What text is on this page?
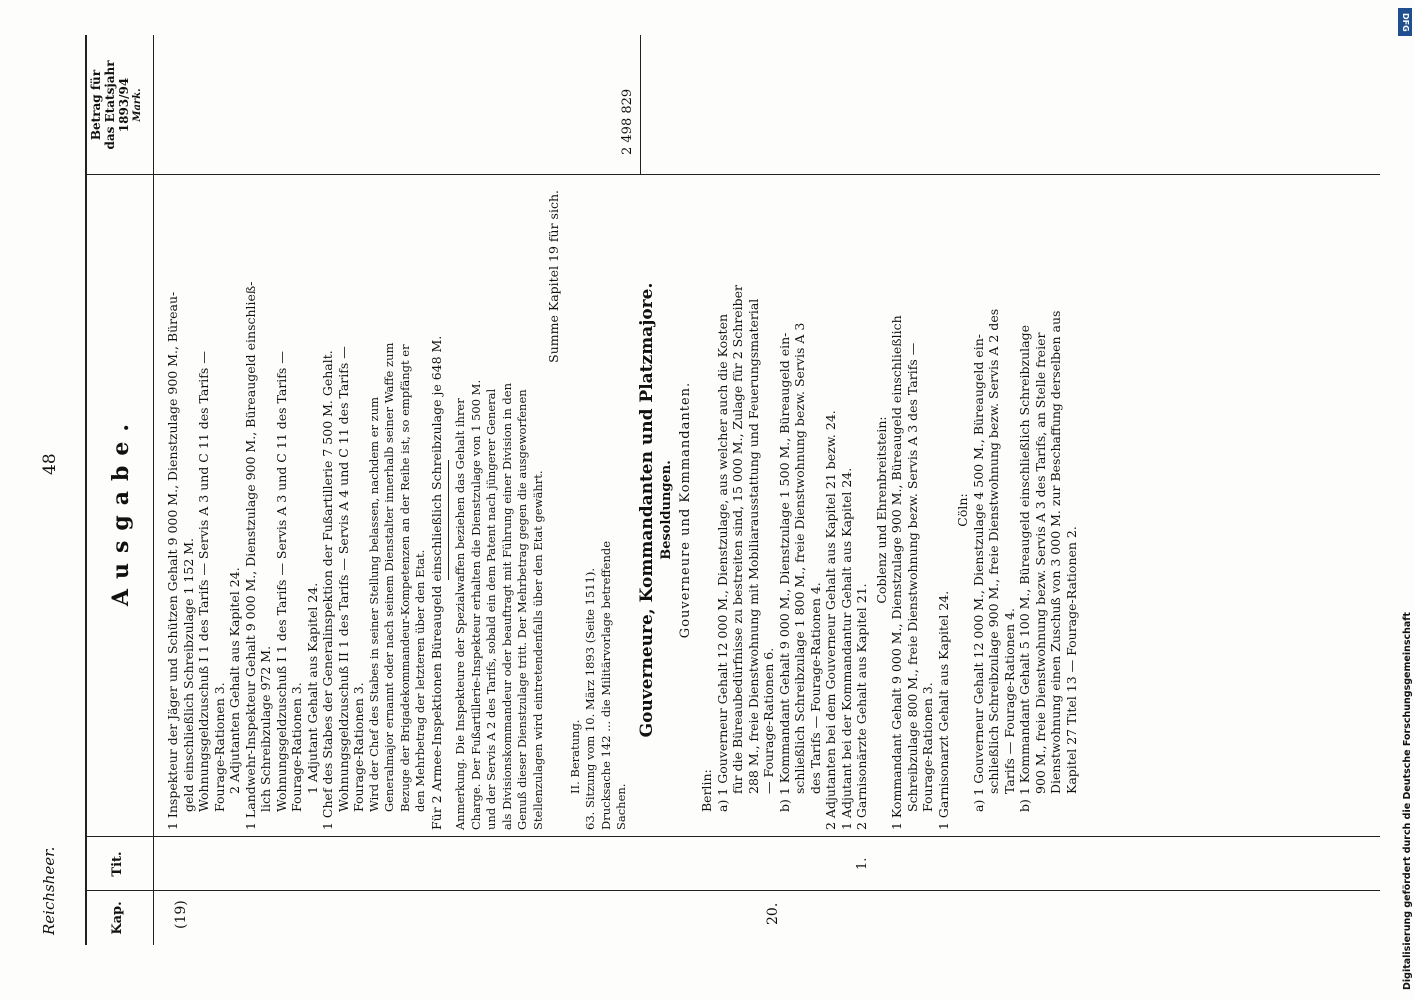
Reichsheer.
48
Kap.
Tit.
Betrag für das Etatsjahr 1893/94 Mark.
(19)	20.
1.
2 498 829

1 Inspekteur der Jäger und Schützen Gehalt 9 000 M., Dienstzulage 900 M., Büreau- geld einschließlich Schreibzulage 1 152 M. Wohnungsgeldzuschuß I 1 des Tarifs — Servis A 3 und C 11 des Tarifs — Fourage-Rationen 3. 2 Adjutanten Gehalt aus Kapitel 24. 1 Landwehr-Inspekteur Gehalt 9 000 M., Dienstzulage 900 M., Büreaugeld einschließ- lich Schreibzulage 972 M. Wohnungsgeldzuschuß I 1 des Tarifs — Servis A 3 und C 11 des Tarifs — Fourage-Rationen 3. 1 Adjutant Gehalt aus Kapitel 24. 1 Chef des Stabes der Generalinspektion der Fußartillerie 7 500 M. Gehalt. Wohnungsgeldzuschuß II 1 des Tarifs — Servis A 4 und C 11 des Tarifs — Fourage-Rationen 3. Wird der Chef des Stabes in seiner Stellung belassen, nachdem er zum Generalmajor ernannt oder nach seinem Dienstalter innerhalb seiner Waffe zum Bezuge der Brigadekommandeur-Kompetenzen an der Reihe ist, so empfängt er den Mehrbetrag der letzteren über den Etat. Für 2 Armee-Inspektionen Büreaugeld einschließlich Schreibzulage je 648 M. Anmerkung. Die Inspekteure der Spezialwaffen beziehen das Gehalt ihrer Charge. Der Fußartillerie-Inspekteur erhalten die Dienstzulage von 1 500 M. und der Servis A 2 des Tarifs, sobald ein dem Patent nach jüngerer General als Divisionskommandeur oder beauftragt mit Führung einer Division in den Genuß dieser Dienstzulage tritt. Der Mehrbetrag gegen die ausgeworfenen Stellenzulagen wird eintretendenfalls über den Etat gewährt.

Summe Kapitel 19 für sich.

II. Beratung. 63. Sitzung vom 10. März 1893 (Seite 1511). Drucksache 142 ... die Militärvorlage betreffende Sachen.

Gouverneure, Kommandanten und Platzmajore. Besoldungen. Gouverneure und Kommandanten.

Berlin: a) 1 Gouverneur Gehalt 12 000 M., Dienstzulage, aus welcher auch die Kosten für die Büreaubedürfnisse zu bestreiten sind, 15 000 M., Zulage für 2 Schreiber 288 M., freie Dienstwohnung mit Mobiliarausstattung und Feuerungsmaterial — Fourage-Rationen 6. b) 1 Kommandant Gehalt 9 000 M., Dienstzulage 1 500 M., Büreaugeld ein- schließlich Schreibzulage 1 800 M., freie Dienstwohnung bezw. Servis A 3 des Tarifs — Fourage-Rationen 4. 2 Adjutanten bei dem Gouverneur Gehalt aus Kapitel 21 bezw. 24. 1 Adjutant bei der Kommandantur Gehalt aus Kapitel 24. 2 Garnisonärzte Gehalt aus Kapitel 21.

Coblenz und Ehrenbreitstein: 1 Kommandant Gehalt 9 000 M., Dienstzulage 900 M., Büreaugeld einschließlich Schreibzulage 800 M., freie Dienstwohnung bezw. Servis A 3 des Tarifs — Fourage-Rationen 3. 1 Garnisonarzt Gehalt aus Kapitel 24.

Cöln: a) 1 Gouverneur Gehalt 12 000 M., Dienstzulage 4 500 M., Büreaugeld ein- schließlich Schreibzulage 900 M., freie Dienstwohnung bezw. Servis A 2 des Tarifs — Fourage-Rationen 4. b) 1 Kommandant Gehalt 5 100 M., Büreaugeld einschließlich Schreibzulage 900 M., freie Dienstwohnung bezw. Servis A 3 des Tarifs, an Stelle freier Dienstwohnung einen Zuschuß von 3 000 M. zur Beschaffung derselben aus Kapitel 27 Titel 13 — Fourage-Rationen 2.

Ausgabe.
DFG
Digitalisierung gefördert durch die Deutsche Forschungsgemeinschaft
